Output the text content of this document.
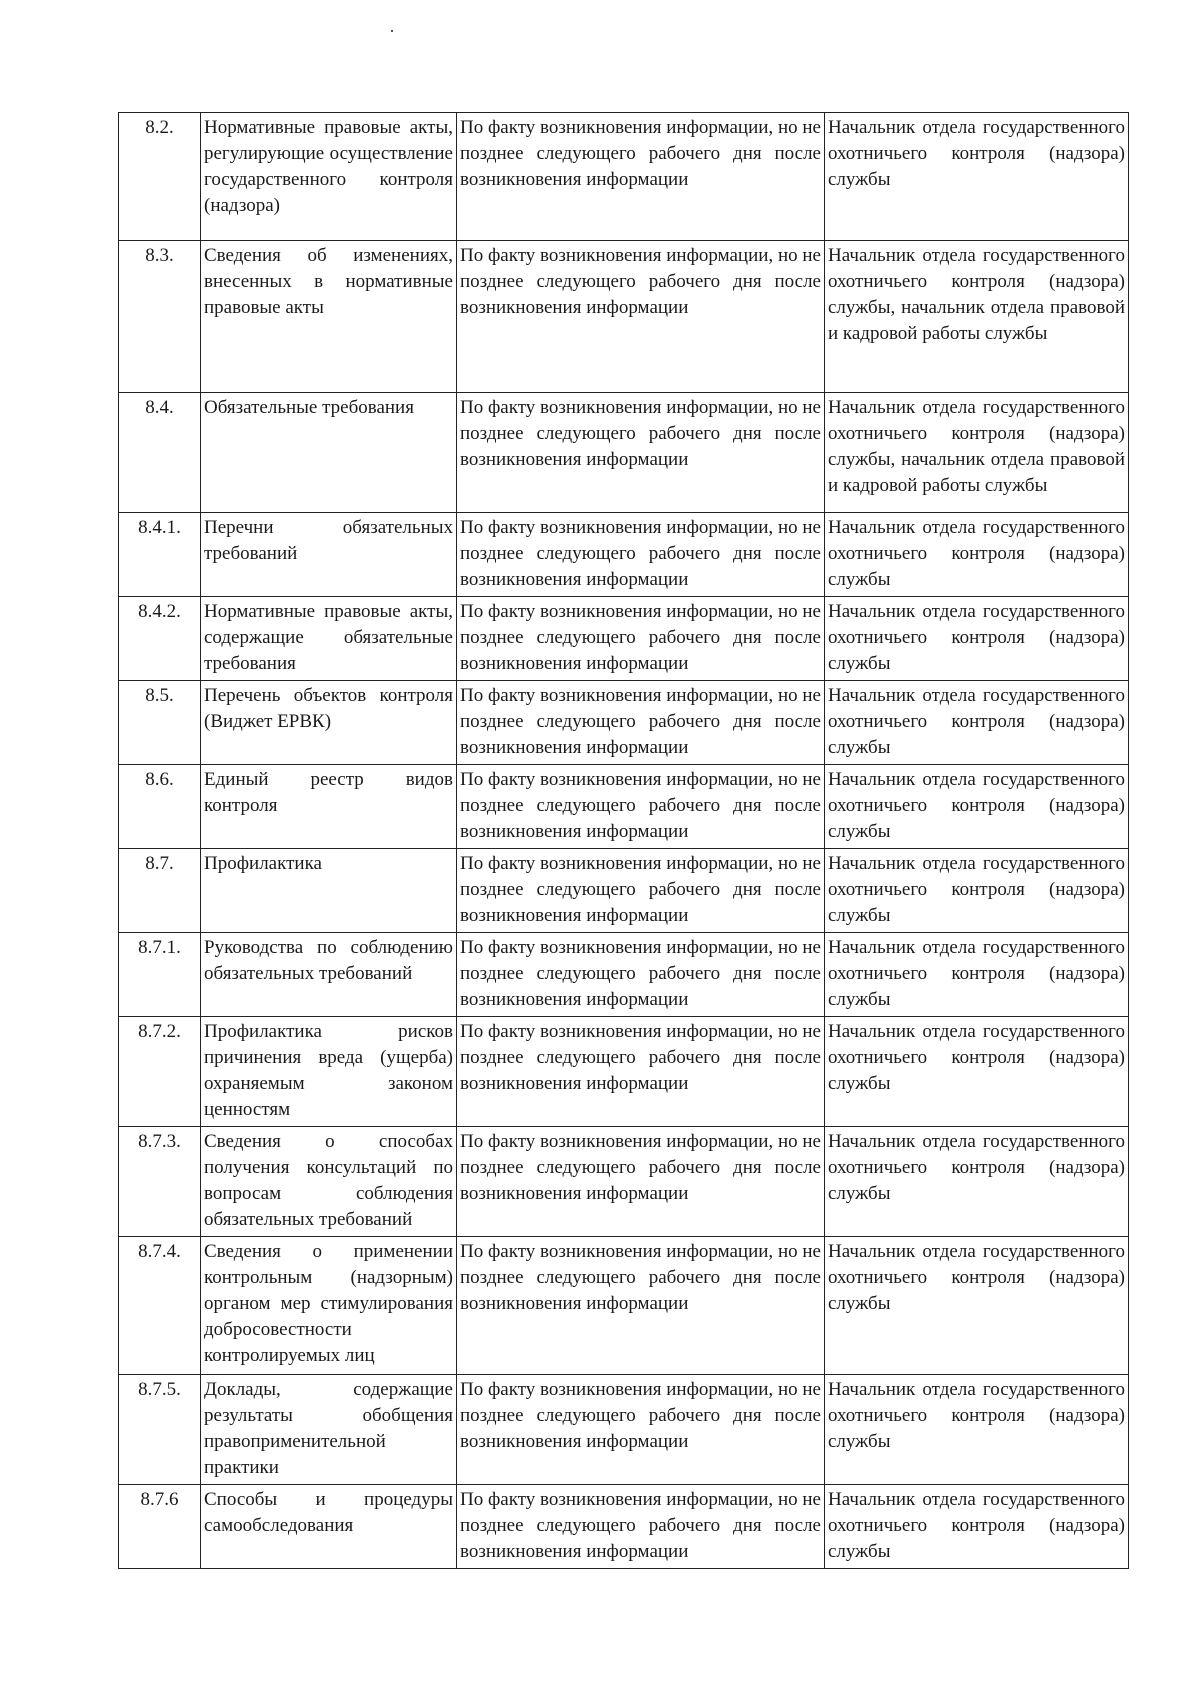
8.2.	Нормативные правовые акты, регулирующие осуществление государственного контроля (надзора)	По факту возникновения информации, но не позднее следующего рабочего дня после возникновения информации	Начальник отдела государственного охотничьего контроля (надзора) службы
8.3.	Сведения об изменениях, внесенных в нормативные правовые акты	По факту возникновения информации, но не позднее следующего рабочего дня после возникновения информации	Начальник отдела государственного охотничьего контроля (надзора) службы, начальник отдела правовой и кадровой работы службы
8.4.	Обязательные требования	По факту возникновения информации, но не позднее следующего рабочего дня после возникновения информации	Начальник отдела государственного охотничьего контроля (надзора) службы, начальник отдела правовой и кадровой работы службы
8.4.1.	Перечни обязательных требований	По факту возникновения информации, но не позднее следующего рабочего дня после возникновения информации	Начальник отдела государственного охотничьего контроля (надзора) службы
8.4.2.	Нормативные правовые акты, содержащие обязательные требования	По факту возникновения информации, но не позднее следующего рабочего дня после возникновения информации	Начальник отдела государственного охотничьего контроля (надзора) службы
8.5.	Перечень объектов контроля (Виджет ЕРВК)	По факту возникновения информации, но не позднее следующего рабочего дня после возникновения информации	Начальник отдела государственного охотничьего контроля (надзора) службы
8.6.	Единый реестр видов контроля	По факту возникновения информации, но не позднее следующего рабочего дня после возникновения информации	Начальник отдела государственного охотничьего контроля (надзора) службы
8.7.	Профилактика	По факту возникновения информации, но не позднее следующего рабочего дня после возникновения информации	Начальник отдела государственного охотничьего контроля (надзора) службы
8.7.1.	Руководства по соблюдению обязательных требований	По факту возникновения информации, но не позднее следующего рабочего дня после возникновения информации	Начальник отдела государственного охотничьего контроля (надзора) службы
8.7.2.	Профилактика рисков причинения вреда (ущерба) охраняемым законом ценностям	По факту возникновения информации, но не позднее следующего рабочего дня после возникновения информации	Начальник отдела государственного охотничьего контроля (надзора) службы
8.7.3.	Сведения о способах получения консультаций по вопросам соблюдения обязательных требований	По факту возникновения информации, но не позднее следующего рабочего дня после возникновения информации	Начальник отдела государственного охотничьего контроля (надзора) службы
8.7.4.	Сведения о применении контрольным (надзорным) органом мер стимулирования добросовестности контролируемых лиц	По факту возникновения информации, но не позднее следующего рабочего дня после возникновения информации	Начальник отдела государственного охотничьего контроля (надзора) службы
8.7.5.	Доклады, содержащие результаты обобщения правоприменительной практики	По факту возникновения информации, но не позднее следующего рабочего дня после возникновения информации	Начальник отдела государственного охотничьего контроля (надзора) службы
8.7.6	Способы и процедуры самообследования	По факту возникновения информации, но не позднее следующего рабочего дня после возникновения информации	Начальник отдела государственного охотничьего контроля (надзора) службы
